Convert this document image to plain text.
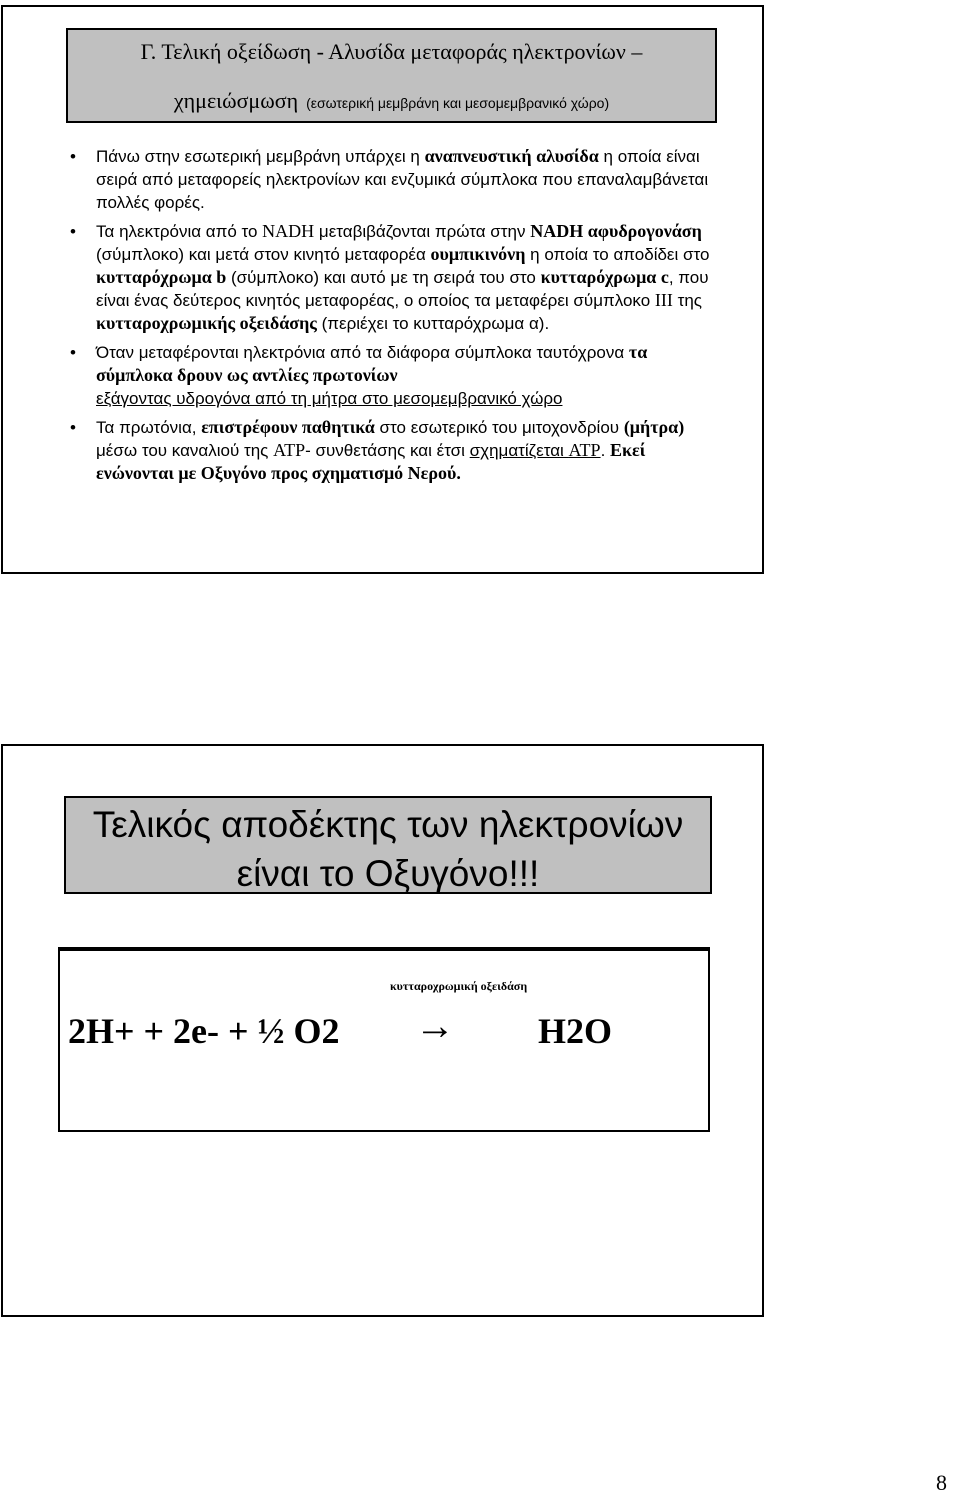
Γ. Τελική οξείδωση - Αλυσίδα μεταφοράς ηλεκτρονίων –
χημειώσμωση (εσωτερική μεμβράνη και μεσομεμβρανικό χώρο)
• Πάνω στην εσωτερική μεμβράνη υπάρχει η αναπνευστική αλυσίδα η οποία είναι σειρά από μεταφορείς ηλεκτρονίων και ενζυμικά σύμπλοκα που επαναλαμβάνεται πολλές φορές.
• Τα ηλεκτρόνια από το NADH μεταβιβάζονται πρώτα στην NADH αφυδρογονάση (σύμπλοκο) και μετά στον κινητό μεταφορέα ουμπικινόνη η οποία το αποδίδει στο κυτταρόχρωμα b (σύμπλοκο) και αυτό με τη σειρά του στο κυτταρόχρωμα c, που είναι ένας δεύτερος κινητός μεταφορέας, ο οποίος τα μεταφέρει σύμπλοκο III της κυτταροχρωμικής οξειδάσης (περιέχει το κυτταρόχρωμα α).
• Όταν μεταφέρονται ηλεκτρόνια από τα διάφορα σύμπλοκα ταυτόχρονα τα σύμπλοκα δρουν ως αντλίες πρωτονίων
εξάγοντας υδρογόνα από τη μήτρα στο μεσομεμβρανικό χώρο
• Τα πρωτόνια, επιστρέφουν παθητικά στο εσωτερικό του μιτοχονδρίου (μήτρα) μέσω του καναλιού της ATP- συνθετάσης και έτσι σχηματίζεται ATP. Εκεί ενώνονται με Οξυγόνο προς σχηματισμό Νερού.
Τελικός αποδέκτης των ηλεκτρονίων είναι το Οξυγόνο!!!
κυτταροχρωμική οξειδάση
2H+ + 2e- + ½ O2 → H2O
8
